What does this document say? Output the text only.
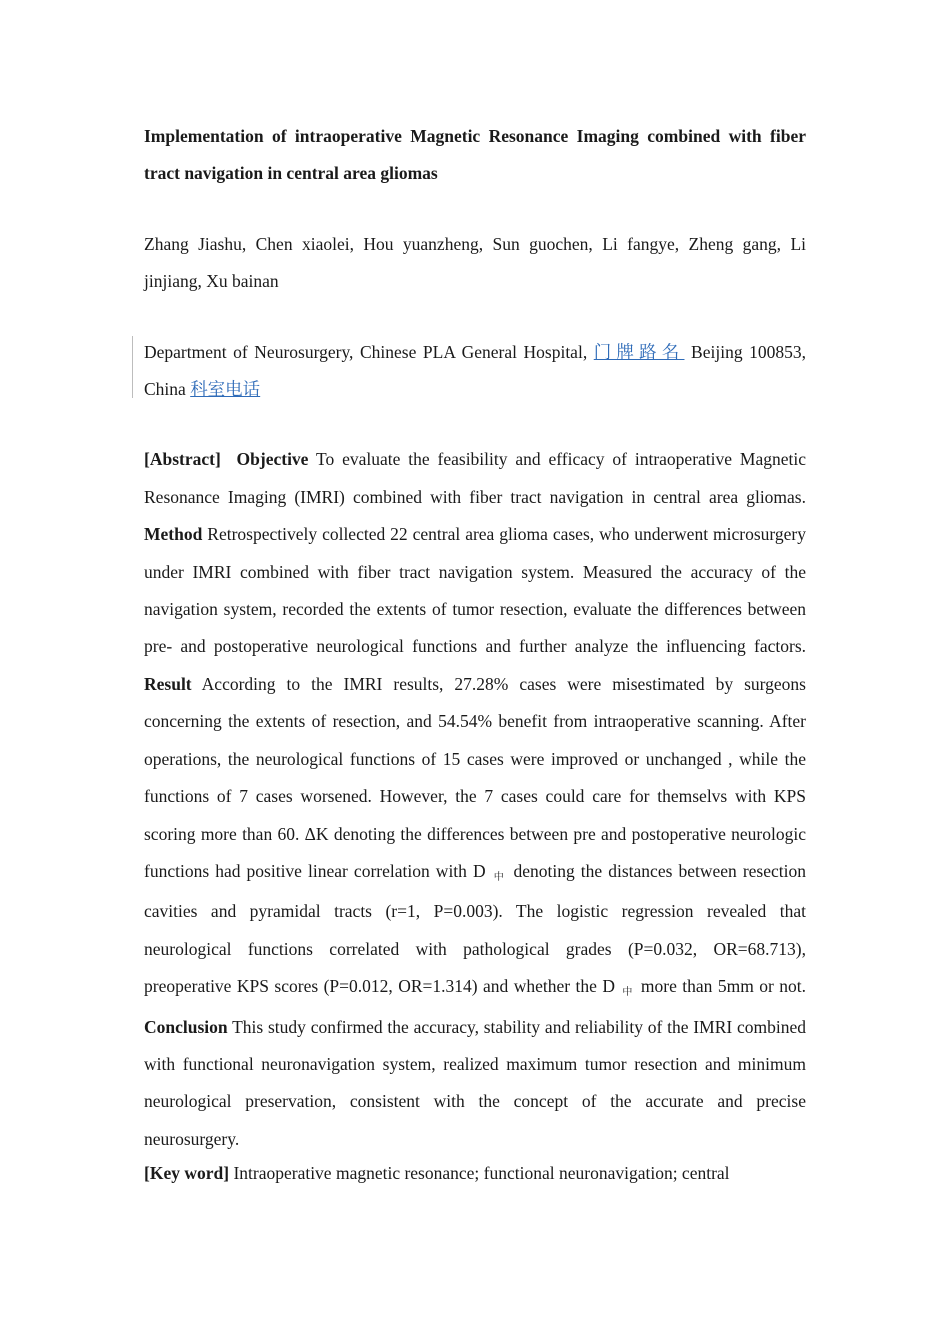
Implementation of intraoperative Magnetic Resonance Imaging combined with fiber tract navigation in central area gliomas

Zhang Jiashu, Chen xiaolei, Hou yuanzheng, Sun guochen, Li fangye, Zheng gang, Li jinjiang, Xu bainan

Department of Neurosurgery, Chinese PLA General Hospital, 门牌路名 Beijing 100853, China 科室电话

[Abstract] Objective To evaluate the feasibility and efficacy of intraoperative Magnetic Resonance Imaging (IMRI) combined with fiber tract navigation in central area gliomas. Method Retrospectively collected 22 central area glioma cases, who underwent microsurgery under IMRI combined with fiber tract navigation system. Measured the accuracy of the navigation system, recorded the extents of tumor resection, evaluate the differences between pre- and postoperative neurological functions and further analyze the influencing factors. Result According to the IMRI results, 27.28% cases were misestimated by surgeons concerning the extents of resection, and 54.54% benefit from intraoperative scanning. After operations, the neurological functions of 15 cases were improved or unchanged , while the functions of 7 cases worsened. However, the 7 cases could care for themselvs with KPS scoring more than 60. ΔK denoting the differences between pre and postoperative neurologic functions had positive linear correlation with D 中 denoting the distances between resection cavities and pyramidal tracts (r=1, P=0.003). The logistic regression revealed that neurological functions correlated with pathological grades (P=0.032, OR=68.713), preoperative KPS scores (P=0.012, OR=1.314) and whether the D 中 more than 5mm or not. Conclusion This study confirmed the accuracy, stability and reliability of the IMRI combined with functional neuronavigation system, realized maximum tumor resection and minimum neurological preservation, consistent with the concept of the accurate and precise neurosurgery.

[Key word] Intraoperative magnetic resonance; functional neuronavigation; central
